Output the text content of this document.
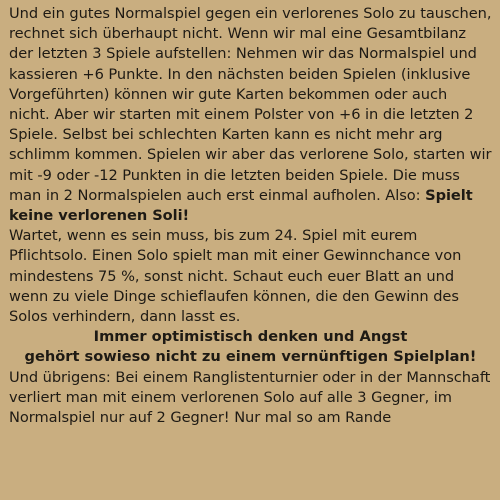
Und ein gutes Normalspiel gegen ein verlorenes Solo zu tauschen, rechnet sich überhaupt nicht. Wenn wir mal eine Gesamtbilanz der letzten 3 Spiele aufstellen: Nehmen wir das Normalspiel und kassieren +6 Punkte. In den nächsten beiden Spielen (inklusive Vorgeführten) können wir gute Karten bekommen oder auch nicht. Aber wir starten mit einem Polster von +6 in die letzten 2 Spiele. Selbst bei schlechten Karten kann es nicht mehr arg schlimm kommen. Spielen wir aber das verlorene Solo, starten wir mit -9 oder -12 Punkten in die letzten beiden Spiele. Die muss man in 2 Normalspielen auch erst einmal aufholen. Also: Spielt keine verlorenen Soli!

Wartet, wenn es sein muss, bis zum 24. Spiel mit eurem Pflichtsolo. Einen Solo spielt man mit einer Gewinnchance von mindestens 75 %, sonst nicht. Schaut euch euer Blatt an und wenn zu viele Dinge schieflaufen können, die den Gewinn des Solos verhindern, dann lasst es.

Immer optimistisch denken und Angst

gehört sowieso nicht zu einem vernünftigen Spielplan!

Und übrigens: Bei einem Ranglistenturnier oder in der Mannschaft verliert man mit einem verlorenen Solo auf alle 3 Gegner, im Normalspiel nur auf 2 Gegner! Nur mal so am Rande
